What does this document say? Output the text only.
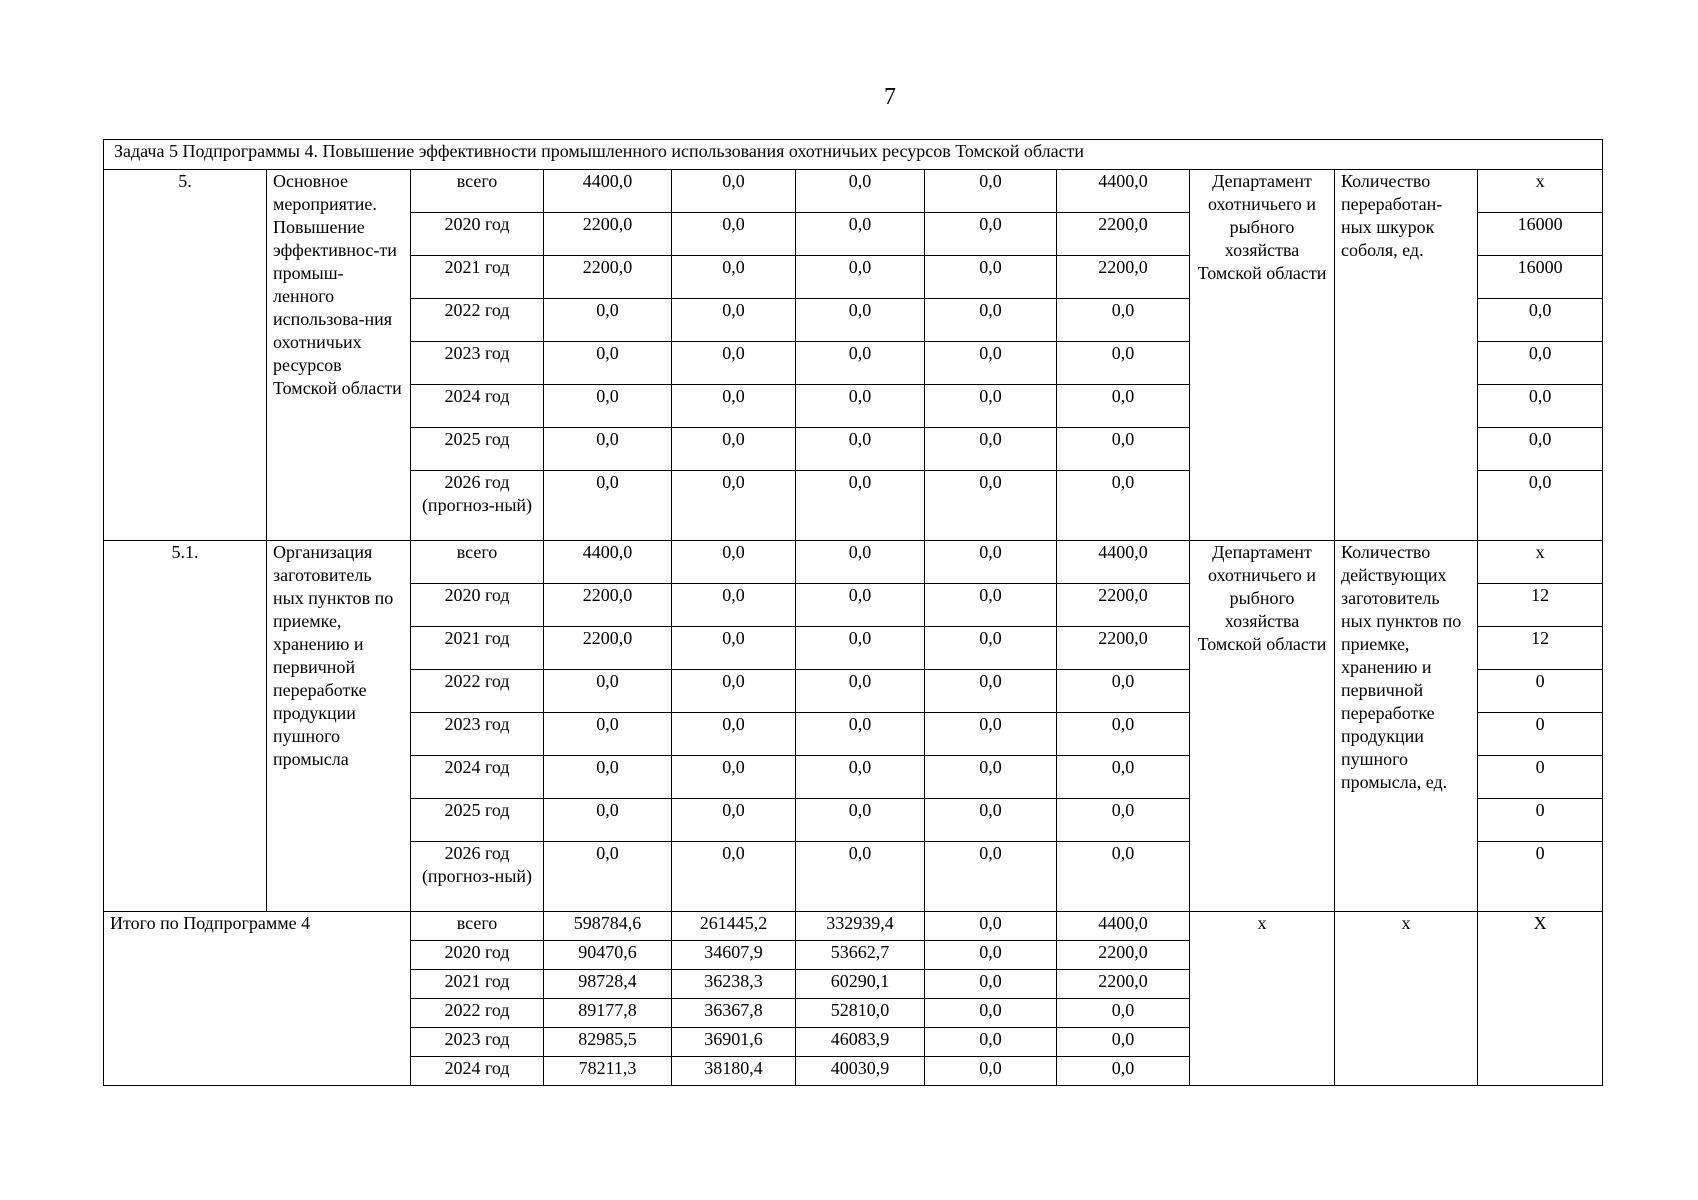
7
Задача 5 Подпрограммы 4. Повышение эффективности промышленного использования охотничьих ресурсов Томской области										
5.	Основное мероприятие. Повышение эффективнос-ти промыш-ленного использова-ния охотничьих ресурсов Томской области	всего	4400,0	0,0	0,0	0,0	4400,0	Департамент охотничьего и рыбного хозяйства Томской области	Количество переработан-ных шкурок соболя, ед.	х
		2020 год	2200,0	0,0	0,0	0,0	2200,0			16000
		2021 год	2200,0	0,0	0,0	0,0	2200,0			16000
		2022 год	0,0	0,0	0,0	0,0	0,0			0,0
		2023 год	0,0	0,0	0,0	0,0	0,0			0,0
		2024 год	0,0	0,0	0,0	0,0	0,0			0,0
		2025 год	0,0	0,0	0,0	0,0	0,0			0,0
		2026 год (прогноз-ный)	0,0	0,0	0,0	0,0	0,0			0,0
5.1.	Организация заготовитель ных пунктов по приемке, хранению и первичной переработке продукции пушного промысла	всего	4400,0	0,0	0,0	0,0	4400,0	Департамент охотничьего и рыбного хозяйства Томской области	Количество действующих заготовитель ных пунктов по приемке, хранению и первичной переработке продукции пушного промысла, ед.	х
		2020 год	2200,0	0,0	0,0	0,0	2200,0			12
		2021 год	2200,0	0,0	0,0	0,0	2200,0			12
		2022 год	0,0	0,0	0,0	0,0	0,0			0
		2023 год	0,0	0,0	0,0	0,0	0,0			0
		2024 год	0,0	0,0	0,0	0,0	0,0			0
		2025 год	0,0	0,0	0,0	0,0	0,0			0
		2026 год (прогноз-ный)	0,0	0,0	0,0	0,0	0,0			0
Итого по Подпрограмме 4		всего	598784,6	261445,2	332939,4	0,0	4400,0	х	х	Х
		2020 год	90470,6	34607,9	53662,7	0,0	2200,0			
		2021 год	98728,4	36238,3	60290,1	0,0	2200,0			
		2022 год	89177,8	36367,8	52810,0	0,0	0,0			
		2023 год	82985,5	36901,6	46083,9	0,0	0,0			
		2024 год	78211,3	38180,4	40030,9	0,0	0,0			
